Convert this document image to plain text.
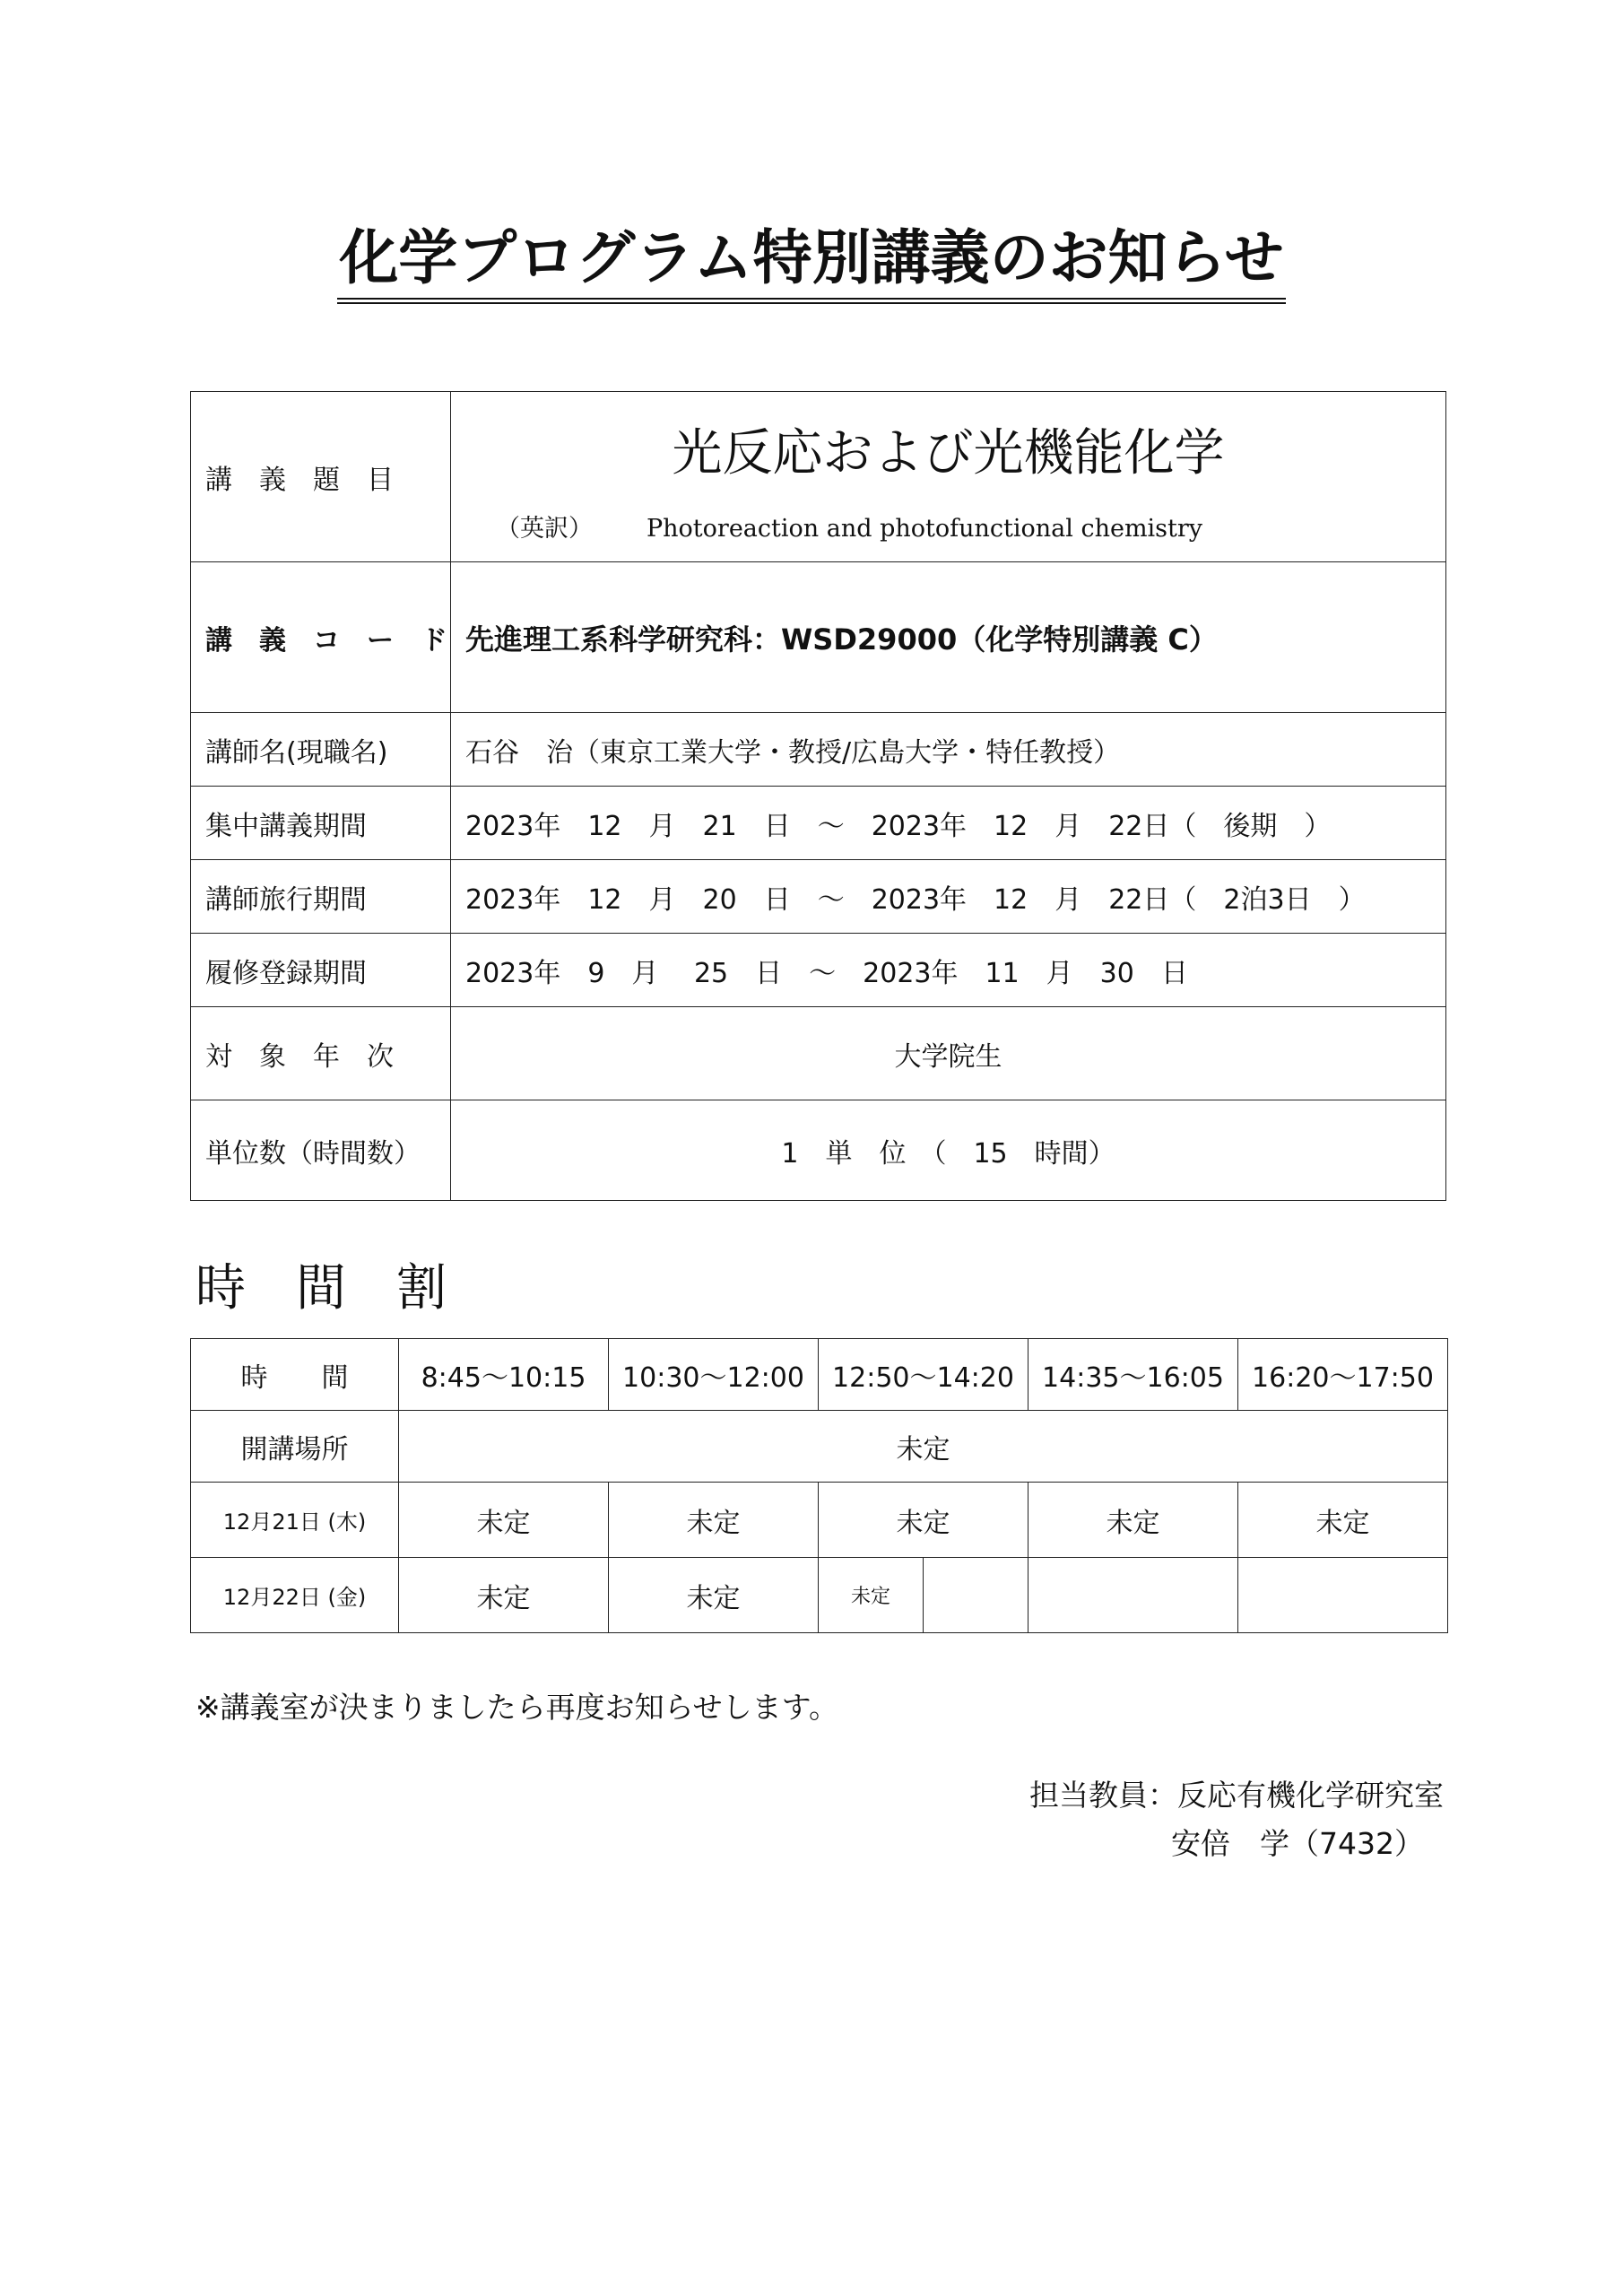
化学プログラム特別講義のお知らせ
講　義　題　目	光反応および光機能化学
（英訳） Photoreaction and photofunctional chemistry

講　義　コ　ー　ド	先進理工系科学研究科：WSD29000（化学特別講義 C）
講師名(現職名)	石谷　治（東京工業大学・教授/広島大学・特任教授）
集中講義期間	2023年　12　月　21　日　～　2023年　12　月　22日（　後期　）
講師旅行期間	2023年　12　月　20　日　～　2023年　12　月　22日（　2泊3日　）
履修登録期間	2023年　9　月　 25　日　～　2023年　11　月　30　日
対　象　年　次	大学院生
単位数（時間数）	1　単　位　（　15　時間）
時　間　割
時　　間	8:45～10:15	10:30～12:00	12:50～14:20		14:35～16:05	16:20～17:50
開講場所	未定					
12月21日 (木)	未定	未定	未定		未定	未定
12月22日 (金)	未定	未定	未定			
※講義室が決まりましたら再度お知らせします。
担当教員：反応有機化学研究室
安倍　学（7432）
